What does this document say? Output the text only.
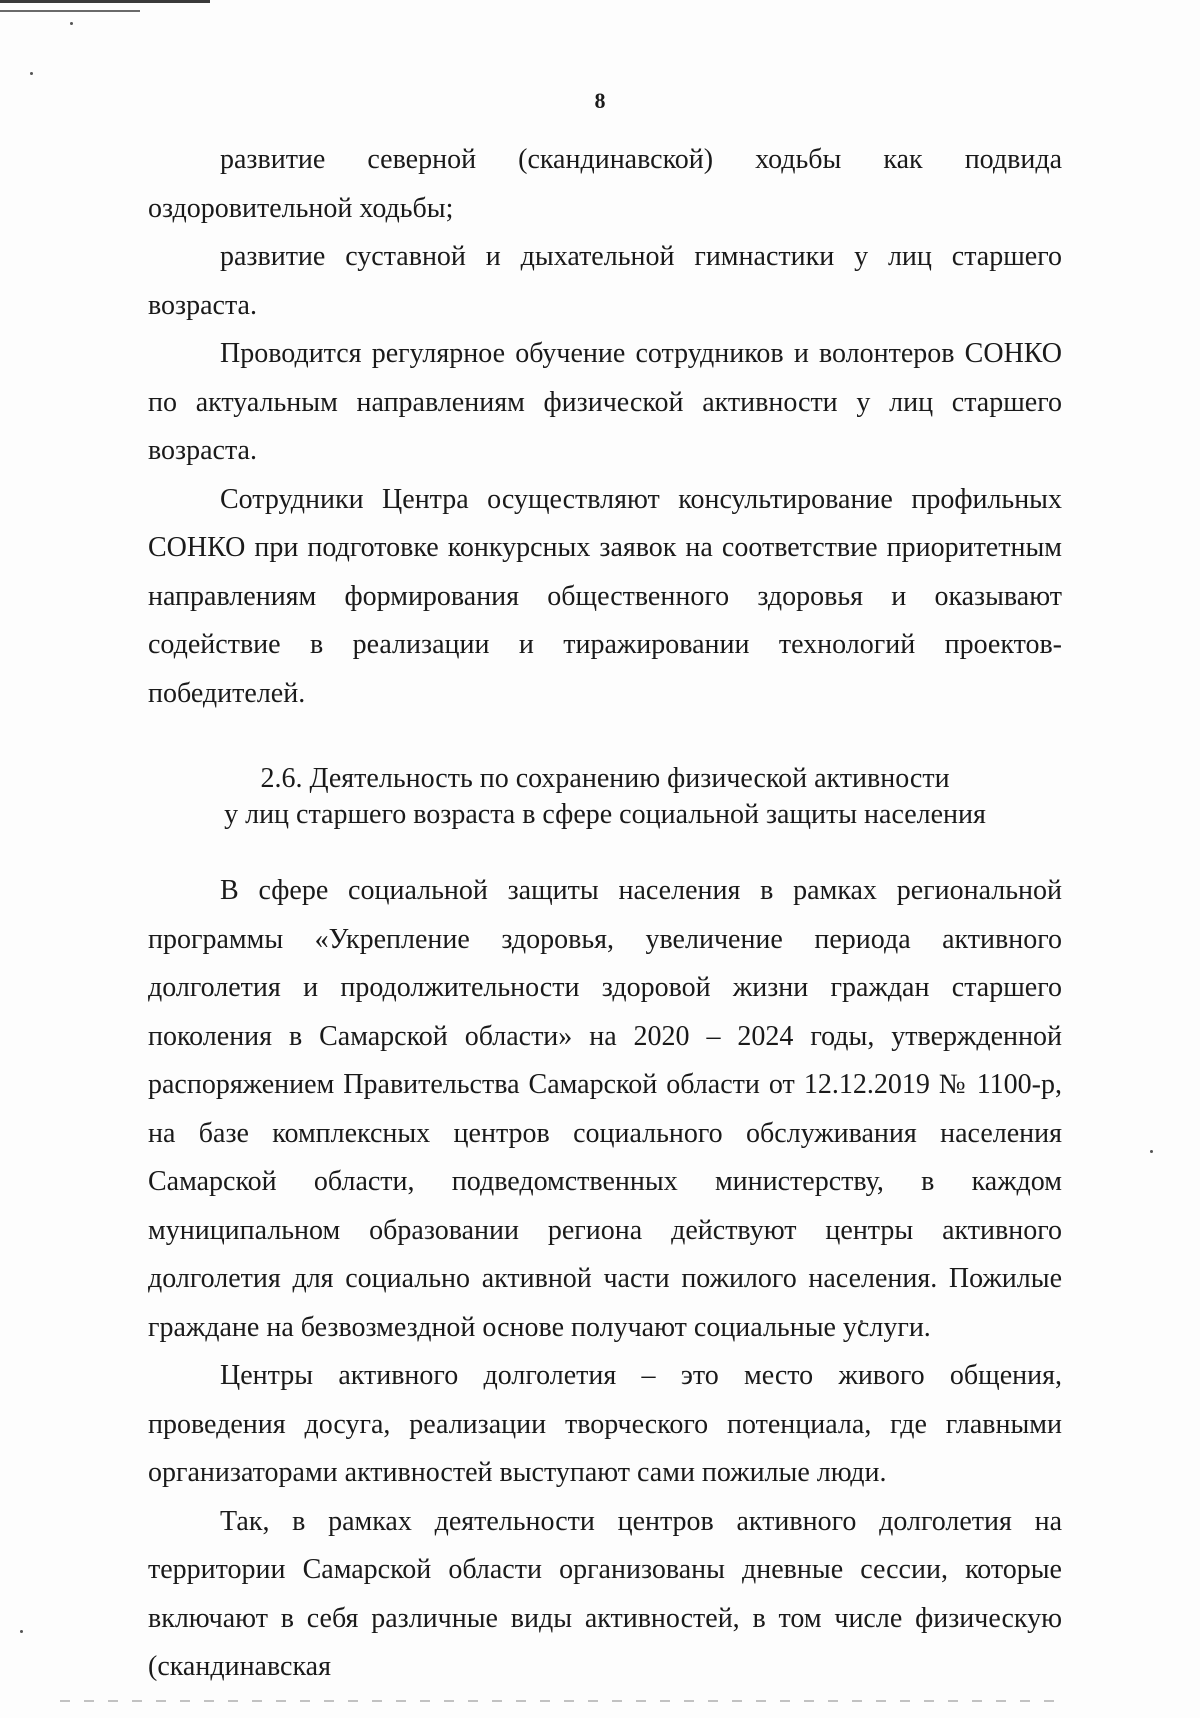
8

развитие северной (скандинавской) ходьбы как подвида оздоровительной ходьбы;

развитие суставной и дыхательной гимнастики у лиц старшего возраста.

Проводится регулярное обучение сотрудников и волонтеров СОНКО по актуальным направлениям физической активности у лиц старшего возраста.

Сотрудники Центра осуществляют консультирование профильных СОНКО при подготовке конкурсных заявок на соответствие приоритетным направлениям формирования общественного здоровья и оказывают содействие в реализации и тиражировании технологий проектов-победителей.

2.6. Деятельность по сохранению физической активности
у лиц старшего возраста в сфере социальной защиты населения

В сфере социальной защиты населения в рамках региональной программы «Укрепление здоровья, увеличение периода активного долголетия и продолжительности здоровой жизни граждан старшего поколения в Самарской области» на 2020 – 2024 годы, утвержденной распоряжением Правительства Самарской области от 12.12.2019 № 1100-р, на базе комплексных центров социального обслуживания населения Самарской области, подведомственных министерству, в каждом муниципальном образовании региона действуют центры активного долголетия для социально активной части пожилого населения. Пожилые граждане на безвозмездной основе получают социальные услуги.

Центры активного долголетия – это место живого общения, проведения досуга, реализации творческого потенциала, где главными организаторами активностей выступают сами пожилые люди.

Так, в рамках деятельности центров активного долголетия на территории Самарской области организованы дневные сессии, которые включают в себя различные виды активностей, в том числе физическую (скандинавская
